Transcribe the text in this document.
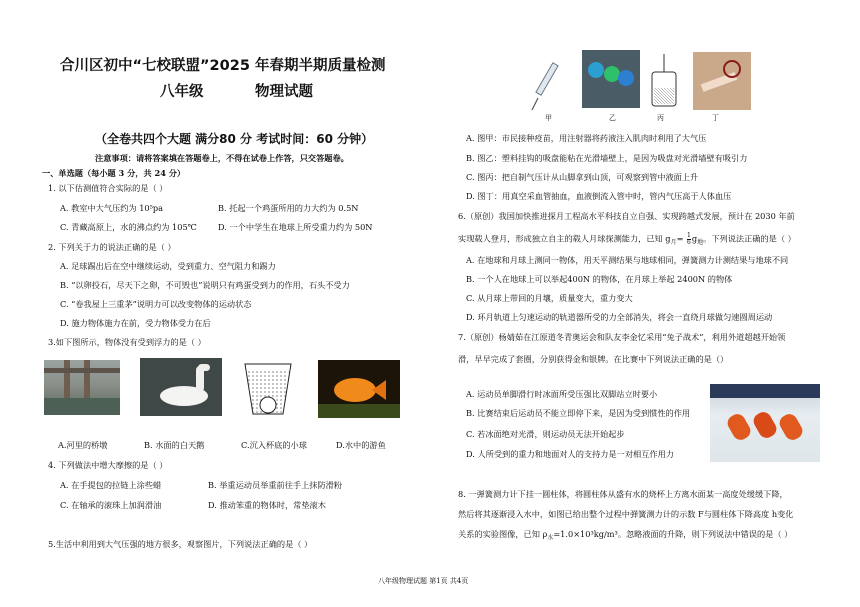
合川区初中“七校联盟”2025 年春期半期质量检测
八年级	物理试题
（全卷共四个大题 满分80 分 考试时间：60 分钟）
注意事项：请将答案填在答题卷上，不得在试卷上作答，只交答题卷。
一、单选题（每小题 3 分，共 24 分）
1. 以下估测值符合实际的是（ ）
A. 教室中大气压约为 10⁵pa	B. 托起一个鸡蛋所用的力大约为 0.5N
C. 青藏高原上，水的沸点约为 105℃	D. 一个中学生在地球上所受重力约为 50N
2. 下列关于力的说法正确的是（ ）
A. 足球踢出后在空中继续运动，受到重力、空气阻力和踢力
B. “以卵投石，尽天下之卵，不可毁也”说明只有鸡蛋受到力的作用，石头不受力
C. “卷我屋上三重茅”说明力可以改变物体的运动状态
D. 施力物体施力在前，受力物体受力在后
3.如下图所示，物体没有受到浮力的是（ ）
A.河里的桥墩	B. 水面的白天鹅	C.沉入杯底的小球	D.水中的游鱼
4. 下列做法中增大摩擦的是（ ）
A. 在手提包的拉链上涂些蜡	B. 举重运动员举重前往手上抹防滑粉
C. 在轴承的滚珠上加润滑油	D. 推动笨重的物体时，常垫滚木
5.生活中利用到大气压强的地方很多，观察图片，下列说法正确的是（ ）
八年级物理试题 第1页 共4页
甲	乙	丙	丁
A. 图甲：市民接种疫苗，用注射器将药液注入肌肉时利用了大气压
B. 图乙：塑料挂钩的吸盘能粘在光滑墙壁上，是因为吸盘对光滑墙壁有吸引力
C. 图丙：把自制气压计从山脚拿到山顶，可观察到管中液面上升
D. 图丁：用真空采血管抽血，血液倒流入管中时，管内气压高于人体血压
6.（原创）我国加快推进探月工程高水平科技自立自强、实现跨越式发展，预计在 2030 年前
实现载人登月，形成独立自主的载人月球探测能力，已知 $g_月= \frac{1}{6} g_地$。下列说法正确的是（ ）
A. 在地球和月球上测同一物体，用天平测结果与地球相同，弹簧测力计测结果与地球不同
B. 一个人在地球上可以举起400N 的物体，在月球上举起 2400N 的物体
C. 从月球上带回的月壤，质量变大，重力变大
D. 环月轨道上匀速运动的轨道器所受的力全部消失，将会一直绕月球做匀速圆周运动
7.（原创）杨婧茹在江原道冬青奥运会和队友李金忆采用“兔子战术”，利用外道超越开始领
滑，早早完成了套圈，分别获得金和银牌。在比赛中下列说法正确的是（）
A. 运动员单脚滑行时冰面所受压强比双脚站立时要小
B. 比赛结束后运动员不能立即停下来，是因为受到惯性的作用
C. 若冰面绝对光滑，则运动员无法开始起步
D. 人所受到的重力和地面对人的支持力是一对相互作用力
8. 一弹簧测力计下挂一圆柱体，将圆柱体从盛有水的烧杯上方离水面某一高度处缓缓下降，
然后将其逐渐浸入水中，如图已给出整个过程中弹簧测力计的示数 F与圆柱体下降高度 h变化
关系的实验图像，已知 $\rho_水=1.0\times 10^3kg/m^3$。忽略液面的升降，则下列说法中错误的是（ ）
